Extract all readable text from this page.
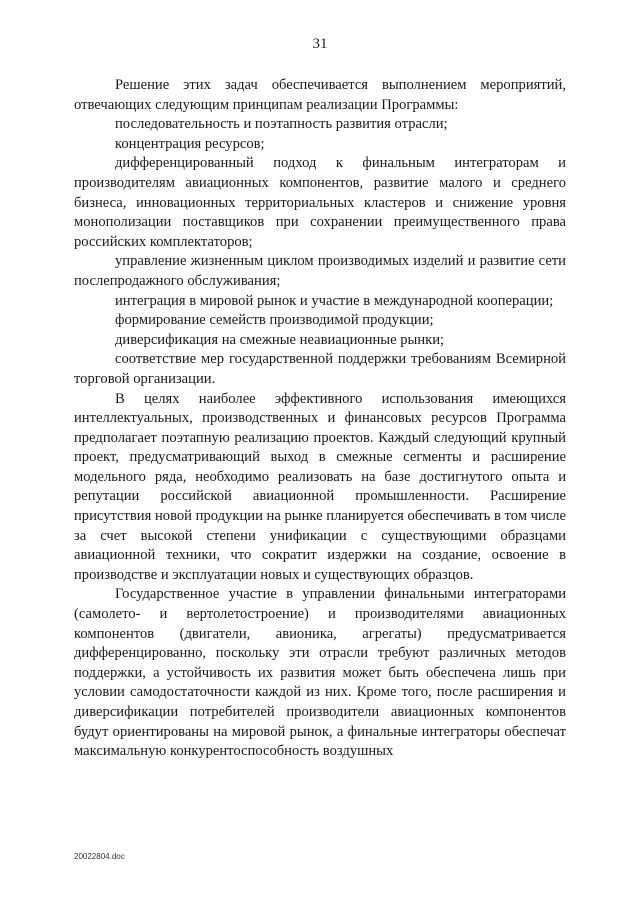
31

Решение этих задач обеспечивается выполнением мероприятий, отвечающих следующим принципам реализации Программы:

последовательность и поэтапность развития отрасли;

концентрация ресурсов;

дифференцированный подход к финальным интеграторам и производителям авиационных компонентов, развитие малого и среднего бизнеса, инновационных территориальных кластеров и снижение уровня монополизации поставщиков при сохранении преимущественного права российских комплектаторов;

управление жизненным циклом производимых изделий и развитие сети послепродажного обслуживания;

интеграция в мировой рынок и участие в международной кооперации;

формирование семейств производимой продукции;

диверсификация на смежные неавиационные рынки;

соответствие мер государственной поддержки требованиям Всемирной торговой организации.

В целях наиболее эффективного использования имеющихся интеллектуальных, производственных и финансовых ресурсов Программа предполагает поэтапную реализацию проектов. Каждый следующий крупный проект, предусматривающий выход в смежные сегменты и расширение модельного ряда, необходимо реализовать на базе достигнутого опыта и репутации российской авиационной промышленности. Расширение присутствия новой продукции на рынке планируется обеспечивать в том числе за счет высокой степени унификации с существующими образцами авиационной техники, что сократит издержки на создание, освоение в производстве и эксплуатации новых и существующих образцов.

Государственное участие в управлении финальными интеграторами (самолето- и вертолетостроение) и производителями авиационных компонентов (двигатели, авионика, агрегаты) предусматривается дифференцированно, поскольку эти отрасли требуют различных методов поддержки, а устойчивость их развития может быть обеспечена лишь при условии самодостаточности каждой из них. Кроме того, после расширения и диверсификации потребителей производители авиационных компонентов будут ориентированы на мировой рынок, а финальные интеграторы обеспечат максимальную конкурентоспособность воздушных

20022804.doc
